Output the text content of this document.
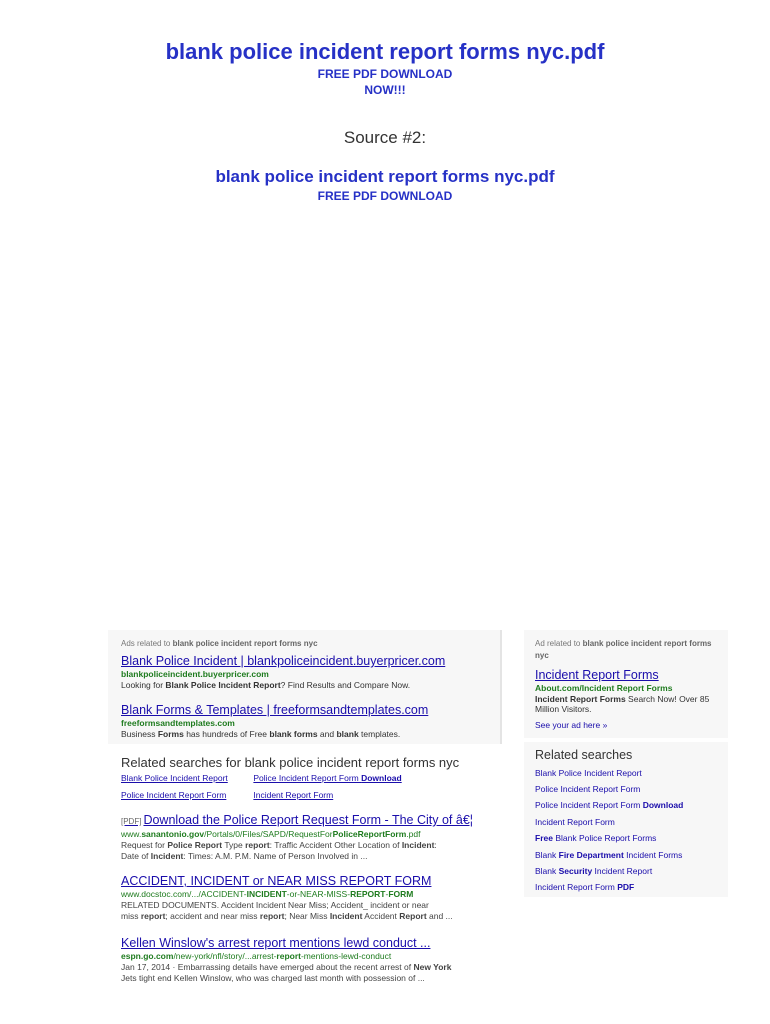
blank police incident report forms nyc.pdf

FREE PDF DOWNLOAD

NOW!!!

Source #2:

blank police incident report forms nyc.pdf

FREE PDF DOWNLOAD

Ads related to blank police incident report forms nyc
Blank Police Incident | blankpoliceincident.buyerpricer.com
blankpoliceincident.buyerpricer.com
Looking for Blank Police Incident Report? Find Results and Compare Now.
Blank Forms & Templates | freeformsandtemplates.com
freeformsandtemplates.com
Business Forms has hundreds of Free blank forms and blank templates.
Related searches for blank police incident report forms nyc
Blank Police Incident Report	Police Incident Report Form Download
Police Incident Report Form	Incident Report Form
[PDF] Download the Police Report Request Form - The City of â€¦
www.sanantonio.gov/Portals/0/Files/SAPD/RequestForPoliceReportForm.pdf
Request for Police Report Type report: Traffic Accident Other Location of Incident:
Date of Incident: Times: A.M. P.M. Name of Person Involved in ...
ACCIDENT, INCIDENT or NEAR MISS REPORT FORM
www.docstoc.com/.../ACCIDENT-INCIDENT-or-NEAR-MISS-REPORT-FORM
RELATED DOCUMENTS. Accident Incident Near Miss; Accident_ incident or near
miss report; accident and near miss report; Near Miss Incident Accident Report and ...
Kellen Winslow's arrest report mentions lewd conduct ...
espn.go.com/new-york/nfl/story/...arrest-report-mentions-lewd-conduct
Jan 17, 2014 · Embarrassing details have emerged about the recent arrest of New York
Jets tight end Kellen Winslow, who was charged last month with possession of ...
Ad related to blank police incident report forms nyc
Incident Report Forms
About.com/Incident Report Forms
Incident Report Forms Search Now! Over 85 Million Visitors.
See your ad here »
Related searches
Blank Police Incident Report
Police Incident Report Form
Police Incident Report Form Download
Incident Report Form
Free Blank Police Report Forms
Blank Fire Department Incident Forms
Blank Security Incident Report
Incident Report Form PDF
